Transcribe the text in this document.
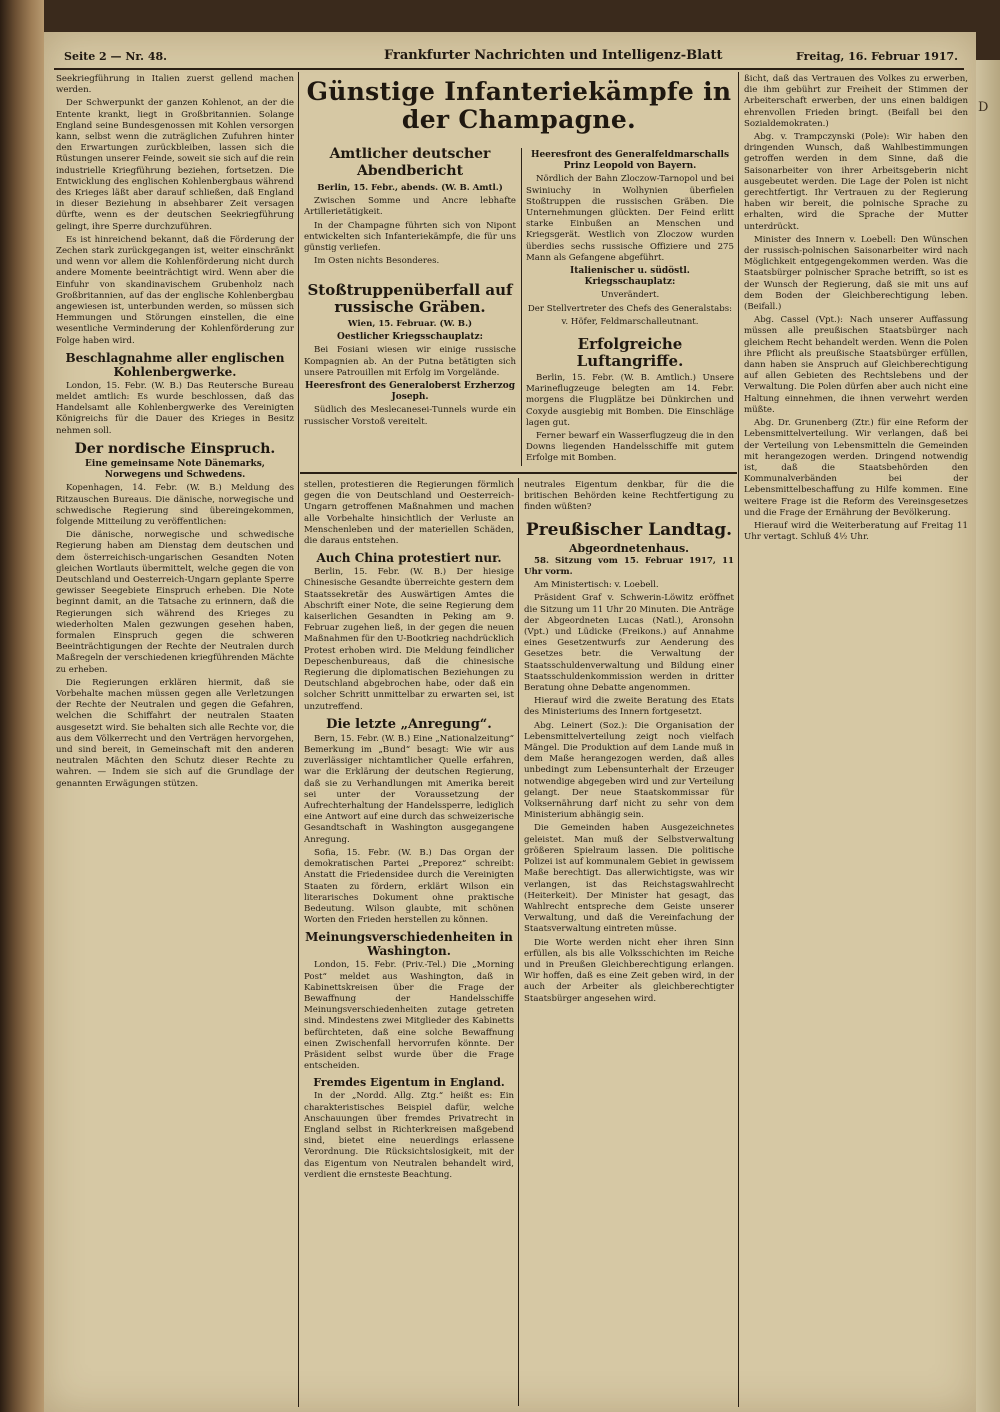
D
Seite 2 — Nr. 48.	Frankfurter Nachrichten und Intelligenz-Blatt	Freitag, 16. Februar 1917.

Seekriegführung in Italien zuerst gellend machen werden.

Der Schwerpunkt der ganzen Kohlenot, an der die Entente krankt, liegt in Großbritannien. Solange England seine Bundesgenossen mit Kohlen versorgen kann, selbst wenn die zuträglichen Zufuhren hinter den Erwartungen zurückbleiben, lassen sich die Rüstungen unserer Feinde, soweit sie sich auf die rein industrielle Kriegführung beziehen, fortsetzen. Die Entwicklung des englischen Kohlenbergbaus während des Krieges läßt aber darauf schließen, daß England in dieser Beziehung in absehbarer Zeit versagen dürfte, wenn es der deutschen Seekriegführung gelingt, ihre Sperre durchzuführen.

Es ist hinreichend bekannt, daß die Förderung der Zechen stark zurückgegangen ist, weiter einschränkt und wenn vor allem die Kohlenförderung nicht durch andere Momente beeinträchtigt wird. Wenn aber die Einfuhr von skandinavischem Grubenholz nach Großbritannien, auf das der englische Kohlenbergbau angewiesen ist, unterbunden werden, so müssen sich Hemmungen und Störungen einstellen, die eine wesentliche Verminderung der Kohlenförderung zur Folge haben wird.

Beschlagnahme aller englischen Kohlenbergwerke.

London, 15. Febr. (W. B.) Das Reutersche Bureau meldet amtlich: Es wurde beschlossen, daß das Handelsamt alle Kohlenbergwerke des Vereinigten Königreichs für die Dauer des Krieges in Besitz nehmen soll.

Der nordische Einspruch.
Eine gemeinsame Note Dänemarks, Norwegens und Schwedens.

Kopenhagen, 14. Febr. (W. B.) Meldung des Ritzauschen Bureaus. Die dänische, norwegische und schwedische Regierung sind übereingekommen, folgende Mitteilung zu veröffentlichen:

Die dänische, norwegische und schwedische Regierung haben am Dienstag dem deutschen und dem österreichisch-ungarischen Gesandten Noten gleichen Wortlauts übermittelt, welche gegen die von Deutschland und Oesterreich-Ungarn geplante Sperre gewisser Seegebiete Einspruch erheben. Die Note beginnt damit, an die Tatsache zu erinnern, daß die Regierungen sich während des Krieges zu wiederholten Malen gezwungen gesehen haben, formalen Einspruch gegen die schweren Beeinträchtigungen der Rechte der Neutralen durch Maßregeln der verschiedenen kriegführenden Mächte zu erheben.

Die Regierungen erklären hiermit, daß sie Vorbehalte machen müssen gegen alle Verletzungen der Rechte der Neutralen und gegen die Gefahren, welchen die Schiffahrt der neutralen Staaten ausgesetzt wird. Sie behalten sich alle Rechte vor, die aus dem Völkerrecht und den Verträgen hervorgehen, und sind bereit, in Gemeinschaft mit den anderen neutralen Mächten den Schutz dieser Rechte zu wahren. — Indem sie sich auf die Grundlage der genannten Erwägungen stützen.

Günstige Infanteriekämpfe in der Champagne.
Amtlicher deutscher Abendbericht

Berlin, 15. Febr., abends. (W. B. Amtl.)

Zwischen Somme und Ancre lebhafte Artillerietätigkeit.

In der Champagne führten sich von Nipont entwickelten sich Infanteriekämpfe, die für uns günstig verliefen.

Im Osten nichts Besonderes.

Stoßtruppenüberfall auf russische Gräben.

Wien, 15. Februar. (W. B.)

Oestlicher Kriegsschauplatz:

Bei Fosiani wiesen wir einige russische Kompagnien ab. An der Putna betätigten sich unsere Patrouillen mit Erfolg im Vorgelände.

Heeresfront des Generaloberst Erzherzog Joseph.

Südlich des Meslecanesei-Tunnels wurde ein russischer Vorstoß vereitelt.

Heeresfront des Generalfeldmarschalls Prinz Leopold von Bayern.

Nördlich der Bahn Zloczow-Tarnopol und bei Swiniuchy in Wolhynien überfielen Stoßtruppen die russischen Gräben. Die Unternehmungen glückten. Der Feind erlitt starke Einbußen an Menschen und Kriegsgerät. Westlich von Zloczow wurden überdies sechs russische Offiziere und 275 Mann als Gefangene abgeführt.

Italienischer u. südöstl. Kriegsschauplatz:

Unverändert.

Der Stellvertreter des Chefs des Generalstabs:

v. Höfer, Feldmarschalleutnant.

Erfolgreiche Luftangriffe.

Berlin, 15. Febr. (W. B. Amtlich.) Unsere Marineflugzeuge belegten am 14. Febr. morgens die Flugplätze bei Dünkirchen und Coxyde ausgiebig mit Bomben. Die Einschläge lagen gut.

Ferner bewarf ein Wasserflugzeug die in den Downs liegenden Handelsschiffe mit gutem Erfolge mit Bomben.

stellen, protestieren die Regierungen förmlich gegen die von Deutschland und Oesterreich-Ungarn getroffenen Maßnahmen und machen alle Vorbehalte hinsichtlich der Verluste an Menschenleben und der materiellen Schäden, die daraus entstehen.

Auch China protestiert nur.

Berlin, 15. Febr. (W. B.) Der hiesige Chinesische Gesandte überreichte gestern dem Staatssekretär des Auswärtigen Amtes die Abschrift einer Note, die seine Regierung dem kaiserlichen Gesandten in Peking am 9. Februar zugehen ließ, in der gegen die neuen Maßnahmen für den U-Bootkrieg nachdrücklich Protest erhoben wird. Die Meldung feindlicher Depeschenbureaus, daß die chinesische Regierung die diplomatischen Beziehungen zu Deutschland abgebrochen habe, oder daß ein solcher Schritt unmittelbar zu erwarten sei, ist unzutreffend.

Die letzte „Anregung“.

Bern, 15. Febr. (W. B.) Eine „Nationalzeitung“ Bemerkung im „Bund“ besagt: Wie wir aus zuverlässiger nichtamtlicher Quelle erfahren, war die Erklärung der deutschen Regierung, daß sie zu Verhandlungen mit Amerika bereit sei unter der Voraussetzung der Aufrechterhaltung der Handelssperre, lediglich eine Antwort auf eine durch das schweizerische Gesandtschaft in Washington ausgegangene Anregung.

Sofia, 15. Febr. (W. B.) Das Organ der demokratischen Partei „Preporez“ schreibt: Anstatt die Friedensidee durch die Vereinigten Staaten zu fördern, erklärt Wilson ein literarisches Dokument ohne praktische Bedeutung. Wilson glaubte, mit schönen Worten den Frieden herstellen zu können.

Meinungsverschiedenheiten in Washington.

London, 15. Febr. (Priv.-Tel.) Die „Morning Post“ meldet aus Washington, daß in Kabinettskreisen über die Frage der Bewaffnung der Handelsschiffe Meinungsverschiedenheiten zutage getreten sind. Mindestens zwei Mitglieder des Kabinetts befürchteten, daß eine solche Bewaffnung einen Zwischenfall hervorrufen könnte. Der Präsident selbst wurde über die Frage entscheiden.

Fremdes Eigentum in England.

In der „Nordd. Allg. Ztg.“ heißt es: Ein charakteristisches Beispiel dafür, welche Anschauungen über fremdes Privatrecht in England selbst in Richterkreisen maßgebend sind, bietet eine neuerdings erlassene Verordnung. Die Rücksichtslosigkeit, mit der das Eigentum von Neutralen behandelt wird, verdient die ernsteste Beachtung.

neutrales Eigentum denkbar, für die die britischen Behörden keine Rechtfertigung zu finden wüßten?

Preußischer Landtag.
Abgeordnetenhaus.

58. Sitzung vom 15. Februar 1917, 11 Uhr vorm.

Am Ministertisch: v. Loebell.

Präsident Graf v. Schwerin-Löwitz eröffnet die Sitzung um 11 Uhr 20 Minuten. Die Anträge der Abgeordneten Lucas (Natl.), Aronsohn (Vpt.) und Lüdicke (Freikons.) auf Annahme eines Gesetzentwurfs zur Aenderung des Gesetzes betr. die Verwaltung der Staatsschuldenverwaltung und Bildung einer Staatsschuldenkommission werden in dritter Beratung ohne Debatte angenommen.

Hierauf wird die zweite Beratung des Etats des Ministeriums des Innern fortgesetzt.

Abg. Leinert (Soz.): Die Organisation der Lebensmittelverteilung zeigt noch vielfach Mängel. Die Produktion auf dem Lande muß in dem Maße herangezogen werden, daß alles unbedingt zum Lebensunterhalt der Erzeuger notwendige abgegeben wird und zur Verteilung gelangt. Der neue Staatskommissar für Volksernährung darf nicht zu sehr von dem Ministerium abhängig sein.

Die Gemeinden haben Ausgezeichnetes geleistet. Man muß der Selbstverwaltung größeren Spielraum lassen. Die politische Polizei ist auf kommunalem Gebiet in gewissem Maße berechtigt. Das allerwichtigste, was wir verlangen, ist das Reichstagswahlrecht (Heiterkeit). Der Minister hat gesagt, das Wahlrecht entspreche dem Geiste unserer Verwaltung, und daß die Vereinfachung der Staatsverwaltung eintreten müsse.

Die Worte werden nicht eher ihren Sinn erfüllen, als bis alle Volksschichten im Reiche und in Preußen Gleichberechtigung erlangen. Wir hoffen, daß es eine Zeit geben wird, in der auch der Arbeiter als gleichberechtigter Staatsbürger angesehen wird.

ßicht, daß das Vertrauen des Volkes zu erwerben, die ihm gebührt zur Freiheit der Stimmen der Arbeiterschaft erwerben, der uns einen baldigen ehrenvollen Frieden bringt. (Beifall bei den Sozialdemokraten.)

Abg. v. Trampczynski (Pole): Wir haben den dringenden Wunsch, daß Wahlbestimmungen getroffen werden in dem Sinne, daß die Saisonarbeiter von ihrer Arbeitsgeberin nicht ausgebeutet werden. Die Lage der Polen ist nicht gerechtfertigt. Ihr Vertrauen zu der Regierung haben wir bereit, die polnische Sprache zu erhalten, wird die Sprache der Mutter unterdrückt.

Minister des Innern v. Loebell: Den Wünschen der russisch-polnischen Saisonarbeiter wird nach Möglichkeit entgegengekommen werden. Was die Staatsbürger polnischer Sprache betrifft, so ist es der Wunsch der Regierung, daß sie mit uns auf dem Boden der Gleichberechtigung leben. (Beifall.)

Abg. Cassel (Vpt.): Nach unserer Auffassung müssen alle preußischen Staatsbürger nach gleichem Recht behandelt werden. Wenn die Polen ihre Pflicht als preußische Staatsbürger erfüllen, dann haben sie Anspruch auf Gleichberechtigung auf allen Gebieten des Rechtslebens und der Verwaltung. Die Polen dürfen aber auch nicht eine Haltung einnehmen, die ihnen verwehrt werden müßte.

Abg. Dr. Grunenberg (Ztr.) für eine Reform der Lebensmittelverteilung. Wir verlangen, daß bei der Verteilung von Lebensmitteln die Gemeinden mit herangezogen werden. Dringend notwendig ist, daß die Staatsbehörden den Kommunalverbänden bei der Lebensmittelbeschaffung zu Hilfe kommen. Eine weitere Frage ist die Reform des Vereinsgesetzes und die Frage der Ernährung der Bevölkerung.

Hierauf wird die Weiterberatung auf Freitag 11 Uhr vertagt. Schluß 4½ Uhr.
